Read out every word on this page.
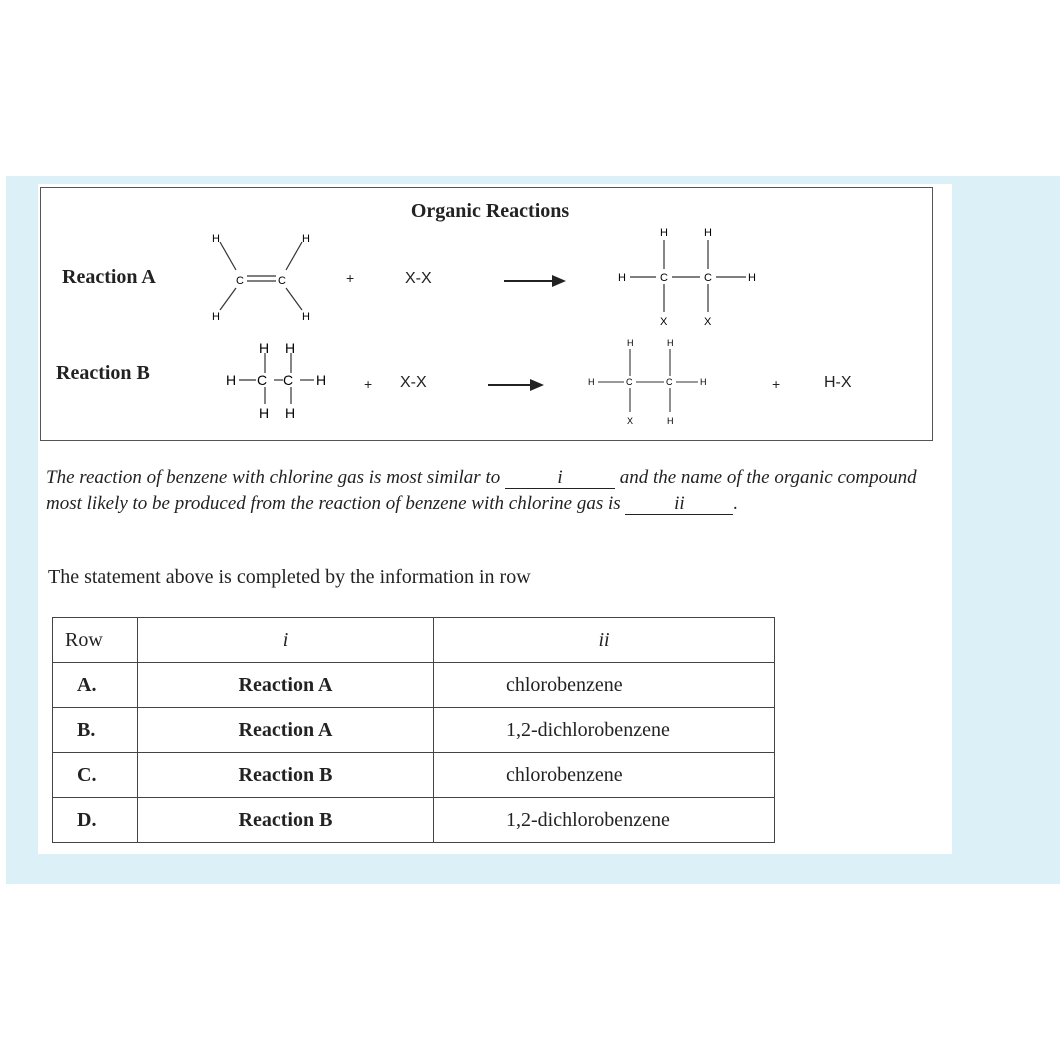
Organic Reactions
Reaction A
H	H
C	C
H	H
+	X-X
H	H
H	C	C	H
X	X
Reaction B
H H
H C C H
H H
+ X-X
H	H
H	C	C	H
X	H
+	H-X
The reaction of benzene with chlorine gas is most similar to	i	and the name of the organic compound most likely to be produced from the reaction of benzene with chlorine gas is	ii	.
The statement above is completed by the information in row
Row	i	ii
A.	Reaction A	chlorobenzene
B.	Reaction A	1,2-dichlorobenzene
C.	Reaction B	chlorobenzene
D.	Reaction B	1,2-dichlorobenzene
